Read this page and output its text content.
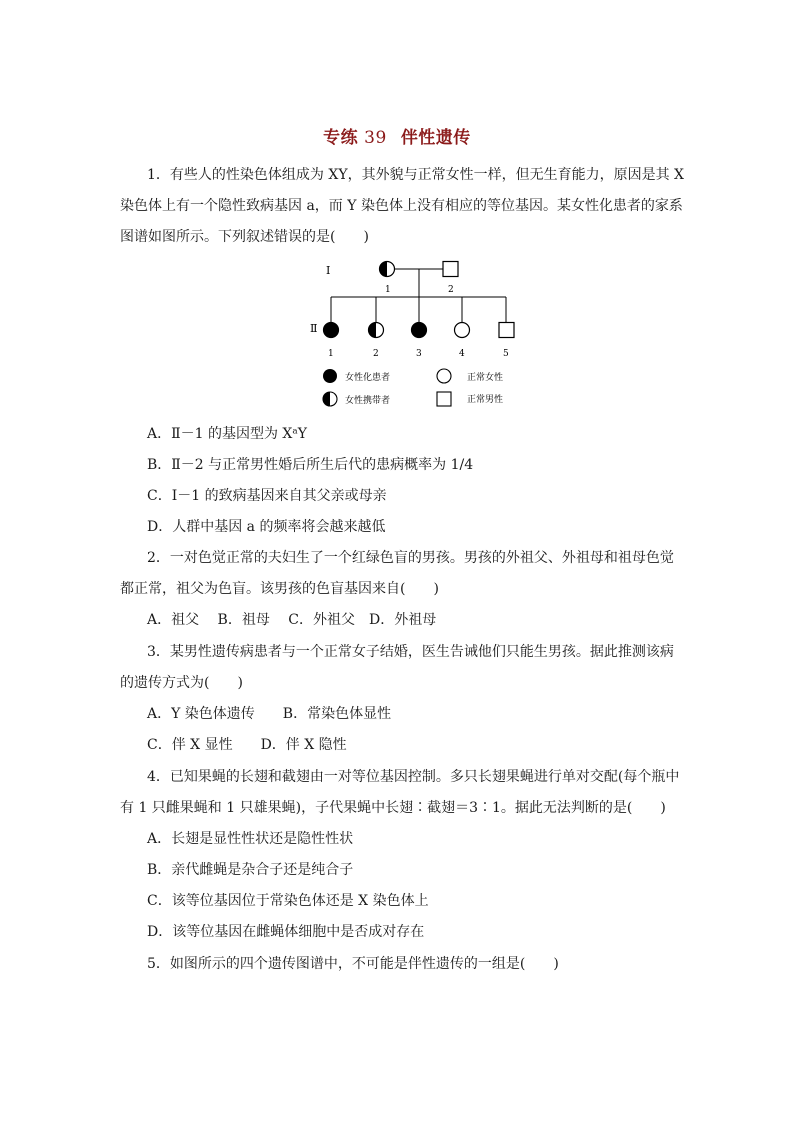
专练 39 伴性遗传
1．有些人的性染色体组成为 XY，其外貌与正常女性一样，但无生育能力，原因是其 X
染色体上有一个隐性致病基因 a，而 Y 染色体上没有相应的等位基因。某女性化患者的家系
图谱如图所示。下列叙述错误的是(　　)
Ⅰ
Ⅱ
1	2
1	2	3	4	5
女性化患者	正常女性
女性携带者	正常男性
A．Ⅱ－1 的基因型为 XᵃY
B．Ⅱ－2 与正常男性婚后所生后代的患病概率为 1/4
C．Ⅰ－1 的致病基因来自其父亲或母亲
D．人群中基因 a 的频率将会越来越低
2．一对色觉正常的夫妇生了一个红绿色盲的男孩。男孩的外祖父、外祖母和祖母色觉
都正常，祖父为色盲。该男孩的色盲基因来自(　　)
A．祖父　 B．祖母　 C．外祖父　D．外祖母
3．某男性遗传病患者与一个正常女子结婚，医生告诫他们只能生男孩。据此推测该病
的遗传方式为(　　)
A．Y 染色体遗传　　B．常染色体显性
C．伴 X 显性　　D．伴 X 隐性
4．已知果蝇的长翅和截翅由一对等位基因控制。多只长翅果蝇进行单对交配(每个瓶中
有 1 只雌果蝇和 1 只雄果蝇)，子代果蝇中长翅∶截翅＝3∶1。据此无法判断的是(　　)
A．长翅是显性性状还是隐性性状
B．亲代雌蝇是杂合子还是纯合子
C．该等位基因位于常染色体还是 X 染色体上
D．该等位基因在雌蝇体细胞中是否成对存在
5．如图所示的四个遗传图谱中，不可能是伴性遗传的一组是(　　)
